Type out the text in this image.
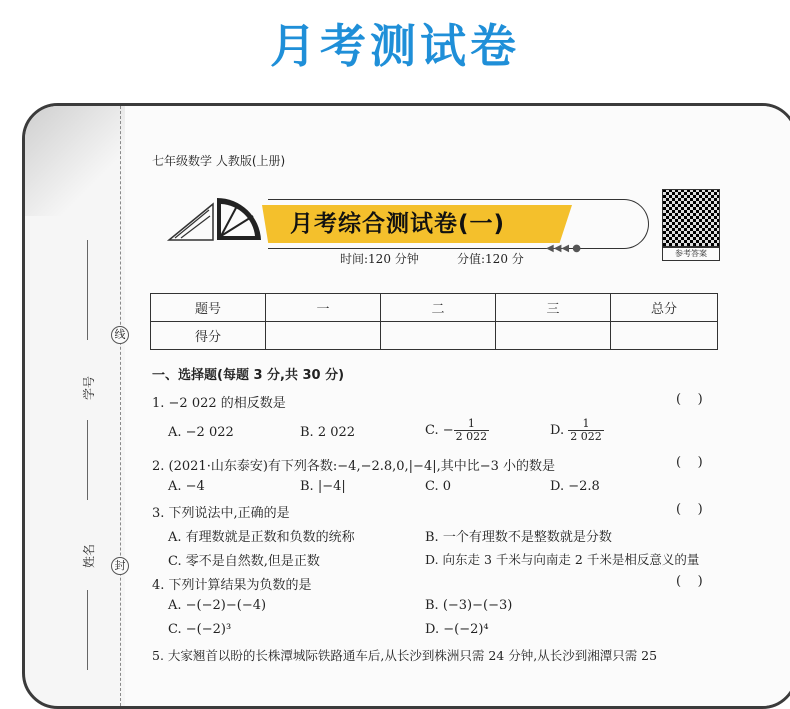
月考测试卷
线
封
学号
姓名
七年级数学 人教版(上册)
月考综合测试卷(一)
◀◀◀ ●
时间:120 分钟	分值:120 分	参考答案
题号	一	二	三	总分
得分				
一、选择题(每题 3 分,共 30 分)
1. −2 022 的相反数是	(    )
A. −2 022	B. 2 022	C. − $\frac{1}{2 022}$	D. $\frac{1}{2 022}$
2. (2021·山东泰安)有下列各数:−4,−2.8,0,|−4|,其中比−3 小的数是	(    )
A. −4	B. |−4|	C. 0	D. −2.8
3. 下列说法中,正确的是	(    )
A. 有理数就是正数和负数的统称	B. 一个有理数不是整数就是分数
C. 零不是自然数,但是正数	D. 向东走 3 千米与向南走 2 千米是相反意义的量
4. 下列计算结果为负数的是	(    )
A. −(−2)−(−4)	B. (−3)−(−3)
C. −(−2)³	D. −(−2)⁴
5. 大家翘首以盼的长株潭城际铁路通车后,从长沙到株洲只需 24 分钟,从长沙到湘潭只需 25
